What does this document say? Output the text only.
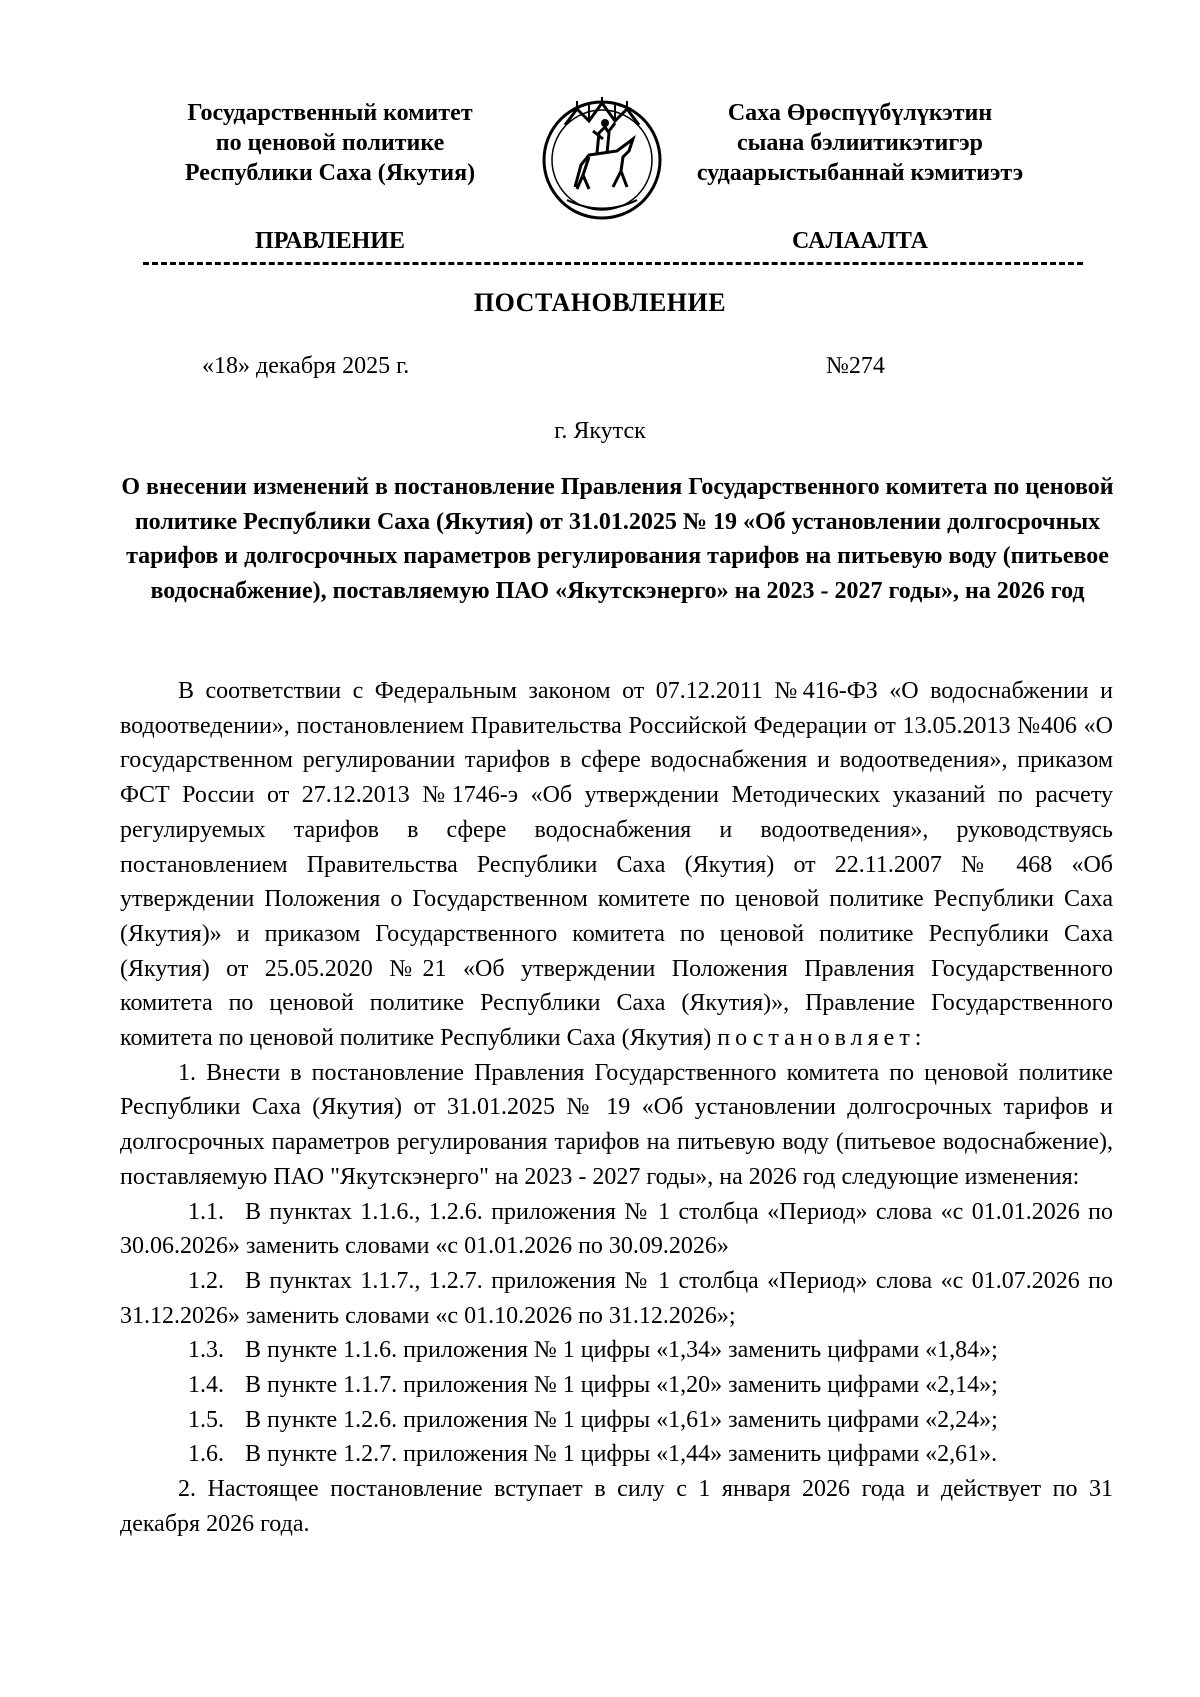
Государственный комитет
по ценовой политике
Республики Саха (Якутия)
Саха Өрөспүүбүлүкэтин
сыана бэлиитикэтигэр
судаарыстыбаннай кэмитиэтэ
ПРАВЛЕНИЕ	САЛААЛТА
ПОСТАНОВЛЕНИЕ
«18» декабря 2025 г.	№274
г. Якутск
О внесении изменений в постановление Правления Государственного комитета по ценовой политике Республики Саха (Якутия) от 31.01.2025 № 19 «Об установлении долгосрочных тарифов и долгосрочных параметров регулирования тарифов на питьевую воду (питьевое водоснабжение), поставляемую ПАО «Якутскэнерго» на 2023 - 2027 годы», на 2026 год

В соответствии с Федеральным законом от 07.12.2011 №416-ФЗ «О водоснабжении и водоотведении», постановлением Правительства Российской Федерации от 13.05.2013 №406 «О государственном регулировании тарифов в сфере водоснабжения и водоотведения», приказом ФСТ России от 27.12.2013 №1746-э «Об утверждении Методических указаний по расчету регулируемых тарифов в сфере водоснабжения и водоотведения», руководствуясь постановлением Правительства Республики Саха (Якутия) от 22.11.2007 № 468 «Об утверждении Положения о Государственном комитете по ценовой политике Республики Саха (Якутия)» и приказом Государственного комитета по ценовой политике Республики Саха (Якутия) от 25.05.2020 №21 «Об утверждении Положения Правления Государственного комитета по ценовой политике Республики Саха (Якутия)», Правление Государственного комитета по ценовой политике Республики Саха (Якутия) постановляет:

1. Внести в постановление Правления Государственного комитета по ценовой политике Республики Саха (Якутия) от 31.01.2025 № 19 «Об установлении долгосрочных тарифов и долгосрочных параметров регулирования тарифов на питьевую воду (питьевое водоснабжение), поставляемую ПАО "Якутскэнерго" на 2023 - 2027 годы», на 2026 год следующие изменения:

1.1. В пунктах 1.1.6., 1.2.6. приложения № 1 столбца «Период» слова «с 01.01.2026 по 30.06.2026» заменить словами «с 01.01.2026 по 30.09.2026»

1.2. В пунктах 1.1.7., 1.2.7. приложения № 1 столбца «Период» слова «с 01.07.2026 по 31.12.2026» заменить словами «с 01.10.2026 по 31.12.2026»;

1.3. В пункте 1.1.6. приложения № 1 цифры «1,34» заменить цифрами «1,84»;

1.4. В пункте 1.1.7. приложения № 1 цифры «1,20» заменить цифрами «2,14»;

1.5. В пункте 1.2.6. приложения № 1 цифры «1,61» заменить цифрами «2,24»;

1.6. В пункте 1.2.7. приложения № 1 цифры «1,44» заменить цифрами «2,61».

2. Настоящее постановление вступает в силу с 1 января 2026 года и действует по 31 декабря 2026 года.
